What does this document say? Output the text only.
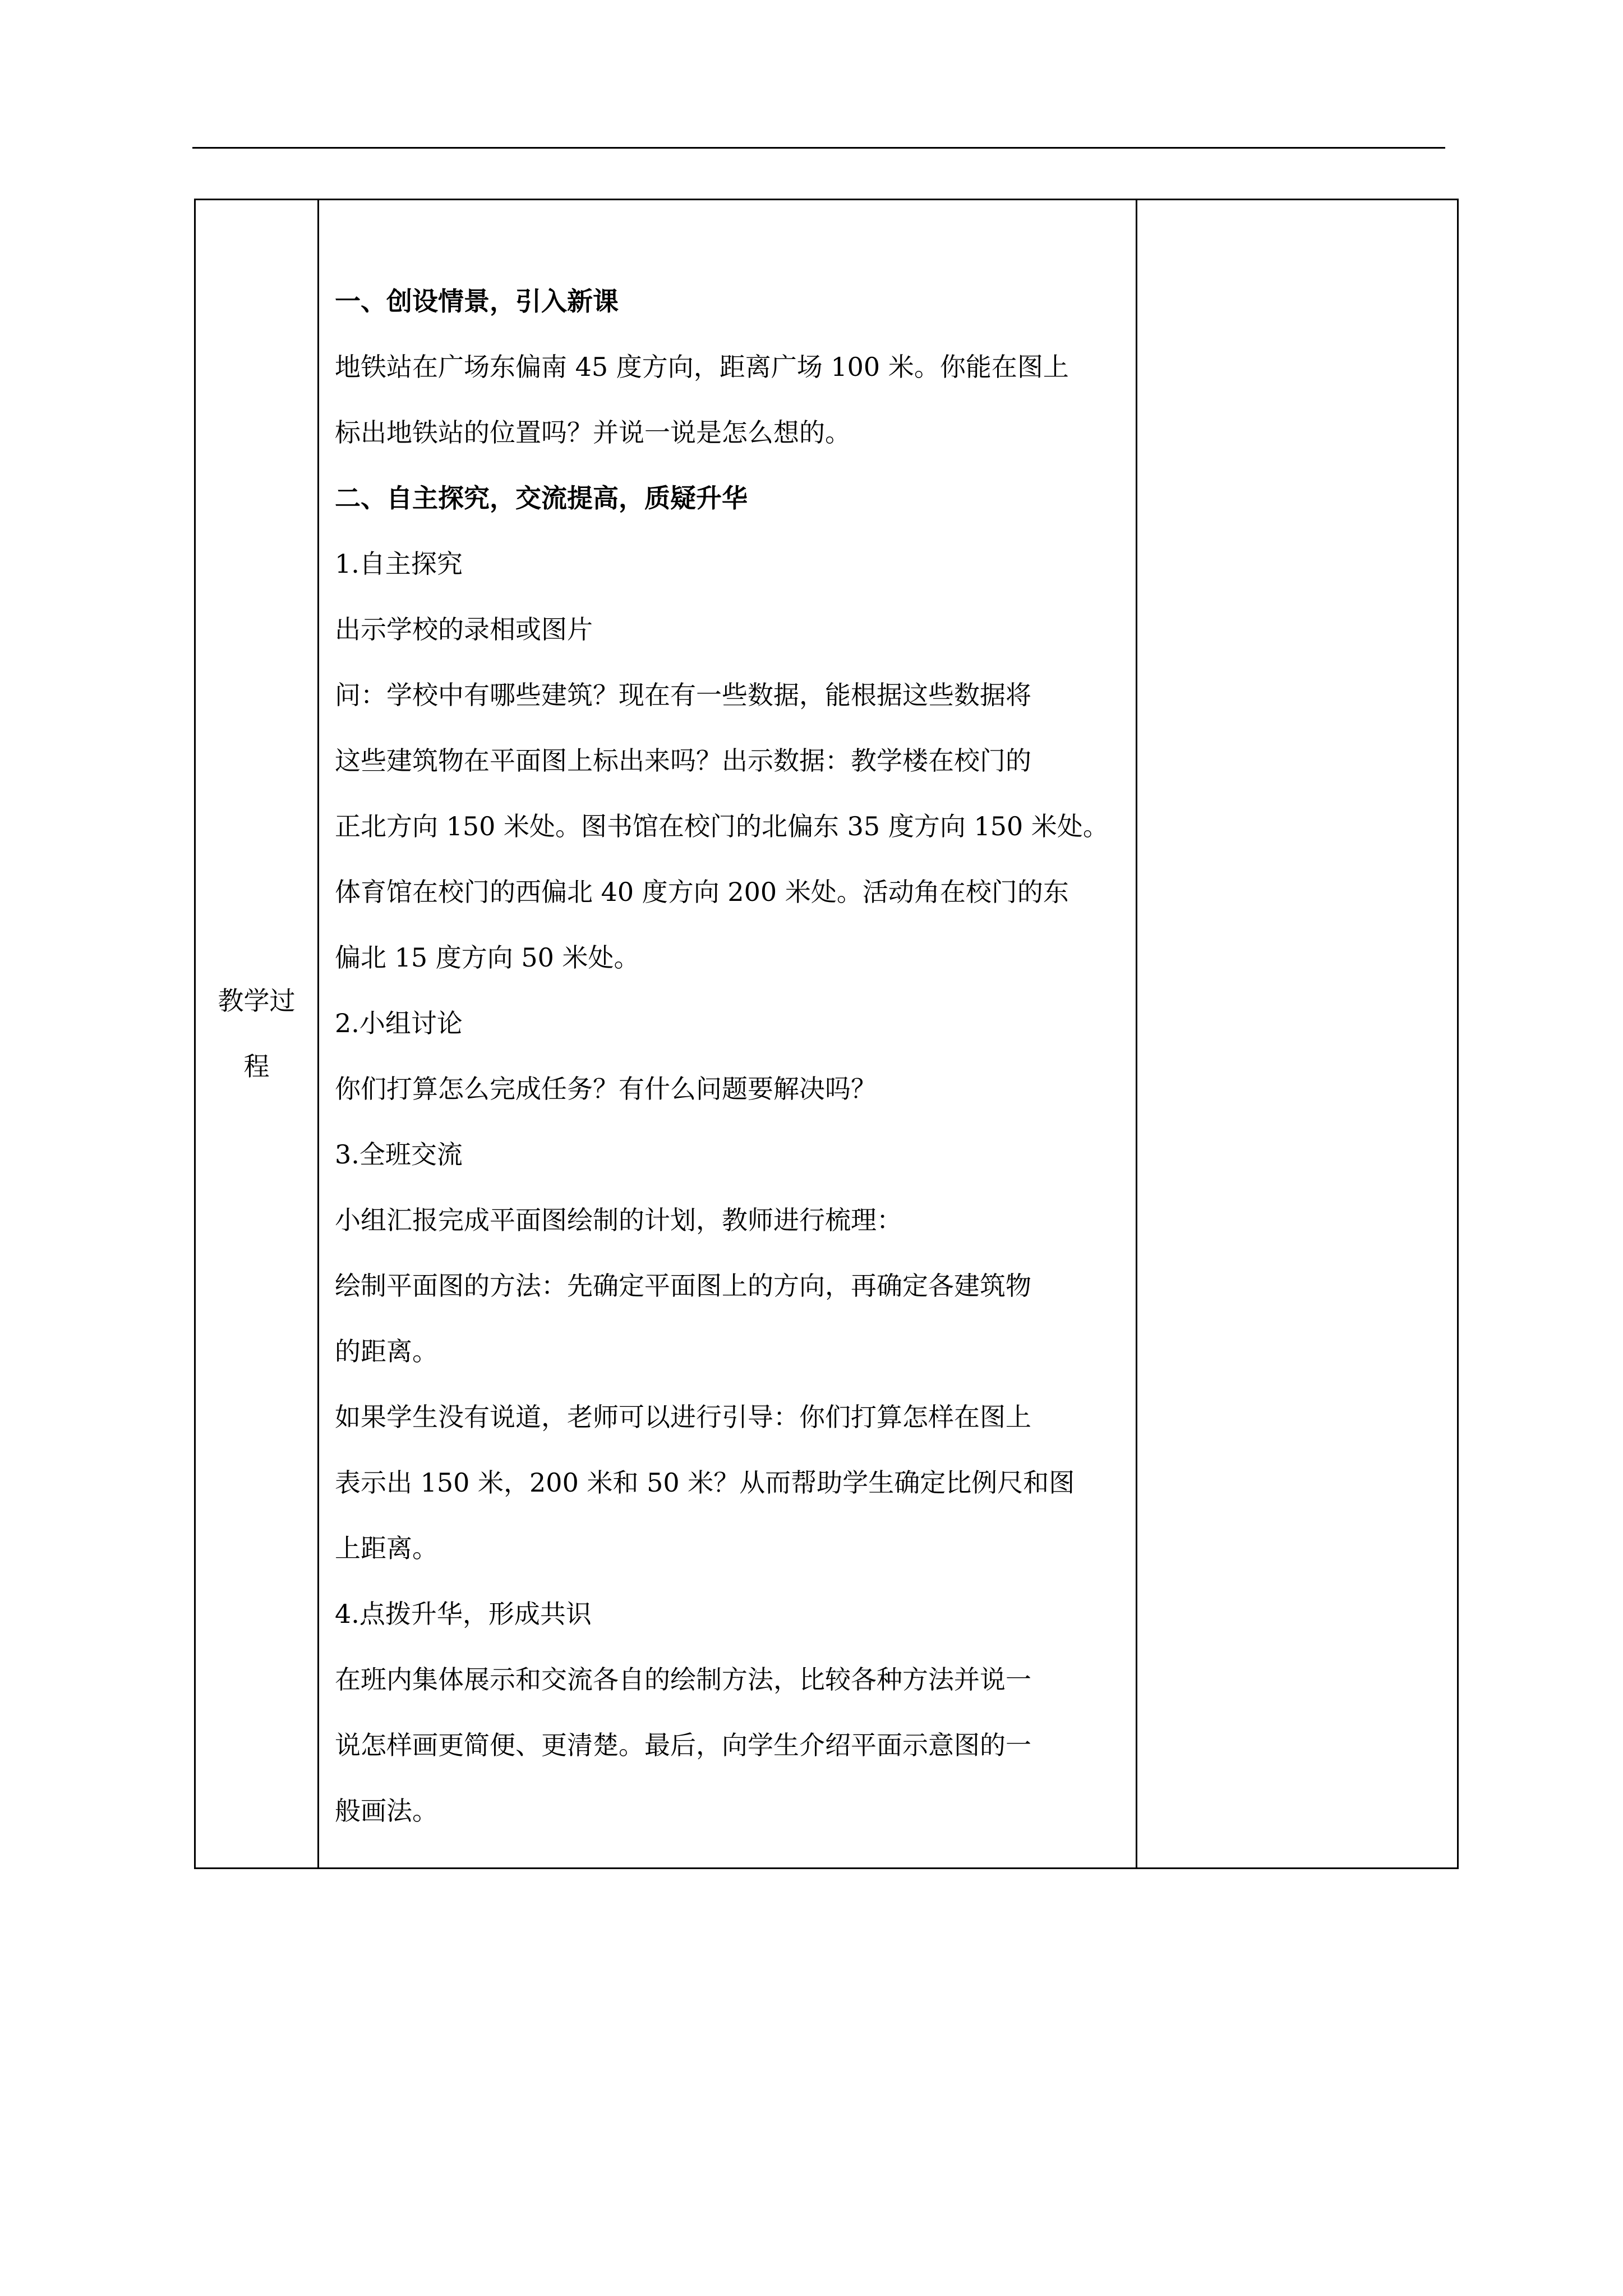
教学过程	
一、创设情景，引入新课
地铁站在广场东偏南 45 度方向，距离广场 100 米。你能在图上
标出地铁站的位置吗？并说一说是怎么想的。
二、自主探究，交流提高，质疑升华
1.自主探究
出示学校的录相或图片
问：学校中有哪些建筑？现在有一些数据，能根据这些数据将
这些建筑物在平面图上标出来吗？出示数据：教学楼在校门的
正北方向 150 米处。图书馆在校门的北偏东 35 度方向 150 米处。
体育馆在校门的西偏北 40 度方向 200 米处。活动角在校门的东
偏北 15 度方向 50 米处。
2.小组讨论
你们打算怎么完成任务？有什么问题要解决吗？
3.全班交流
小组汇报完成平面图绘制的计划，教师进行梳理：
绘制平面图的方法：先确定平面图上的方向，再确定各建筑物
的距离。
如果学生没有说道，老师可以进行引导：你们打算怎样在图上
表示出 150 米，200 米和 50 米？从而帮助学生确定比例尺和图
上距离。
4.点拨升华，形成共识
在班内集体展示和交流各自的绘制方法，比较各种方法并说一
说怎样画更简便、更清楚。最后，向学生介绍平面示意图的一
般画法。
